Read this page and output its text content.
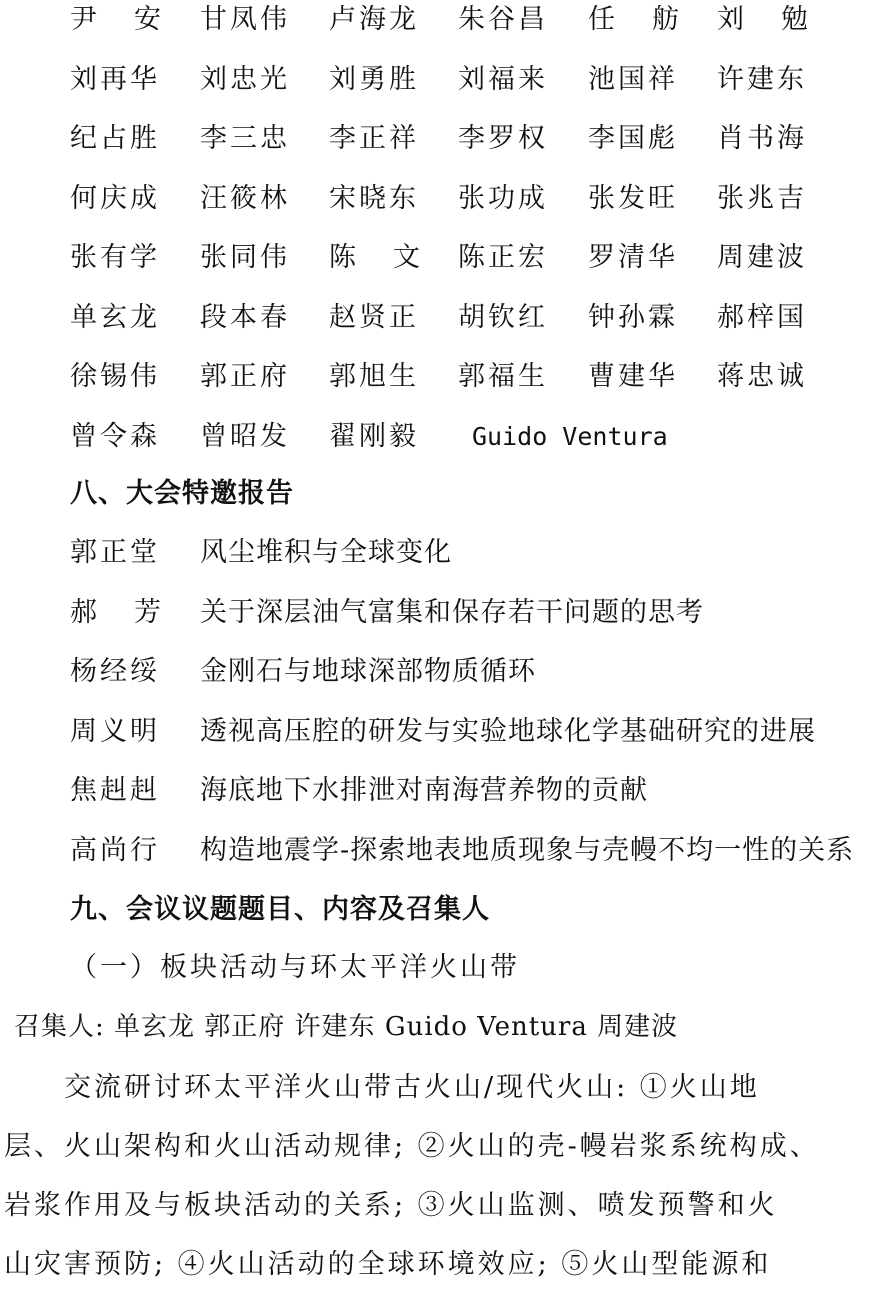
尹 安 甘凤伟 卢海龙 朱谷昌 任 舫 刘 勉
刘再华 刘忠光 刘勇胜 刘福来 池国祥 许建东
纪占胜 李三忠 李正祥 李罗权 李国彪 肖书海
何庆成 汪筱林 宋晓东 张功成 张发旺 张兆吉
张有学 张同伟 陈 文 陈正宏 罗清华 周建波
单玄龙 段本春 赵贤正 胡钦红 钟孙霖 郝梓国
徐锡伟 郭正府 郭旭生 郭福生 曹建华 蒋忠诚
曾令森 曾昭发 翟刚毅 Guido Ventura
八、大会特邀报告
郭正堂 风尘堆积与全球变化
郝 芳 关于深层油气富集和保存若干问题的思考
杨经绥 金刚石与地球深部物质循环
周义明 透视高压腔的研发与实验地球化学基础研究的进展
焦赳赳 海底地下水排泄对南海营养物的贡献
高尚行 构造地震学-探索地表地质现象与壳幔不均一性的关系
九、会议议题题目、内容及召集人
（一）板块活动与环太平洋火山带
召集人: 单玄龙 郭正府 许建东 Guido Ventura 周建波
　　交流研讨环太平洋火山带古火山/现代火山: ①火山地
层、火山架构和火山活动规律; ②火山的壳-幔岩浆系统构成、
岩浆作用及与板块活动的关系; ③火山监测、喷发预警和火
山灾害预防; ④火山活动的全球环境效应; ⑤火山型能源和
